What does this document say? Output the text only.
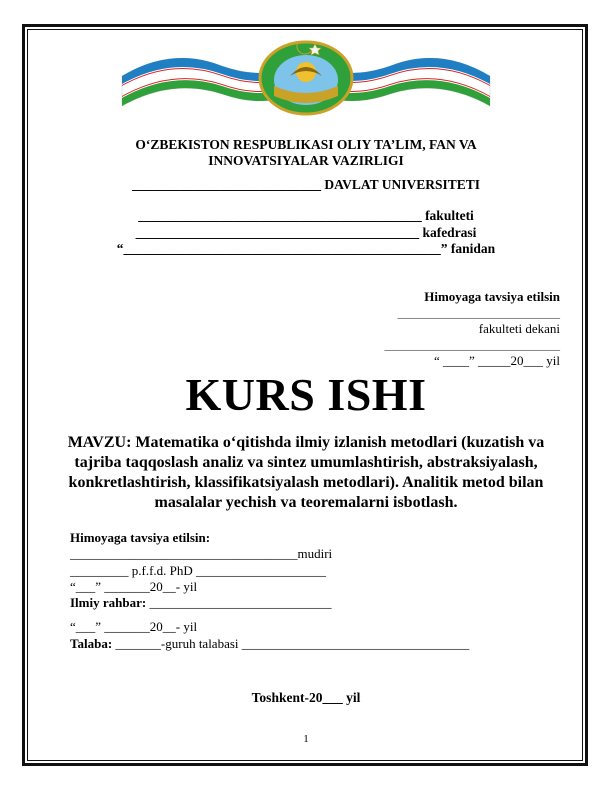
O‘ZBEKISTON RESPUBLIKASI OLIY TA’LIM, FAN VA
INNOVATSIYALAR VAZIRLIGI
____________________________ DAVLAT UNIVERSITETI
__________________________________________ fakulteti
__________________________________________ kafedrasi
“_______________________________________________” fanidan
Himoyaga tavsiya etilsin
_________________________
fakulteti dekani
___________________________
“ ____” _____20___ yil
KURS ISHI
MAVZU: Matematika o‘qitishda ilmiy izlanish metodlari (kuzatish va
tajriba taqqoslash analiz va sintez umumlashtirish, abstraksiyalash,
konkretlashtirish, klassifikatsiyalash metodlari). Analitik metod bilan
masalalar yechish va teoremalarni isbotlash.
Himoyaga tavsiya etilsin:
___________________________________mudiri
_________ p.f.f.d. PhD ____________________
“___” _______20__- yil
Ilmiy rahbar: ____________________________
“___” _______20__- yil
Talaba: _______-guruh talabasi ___________________________________
Toshkent-20___ yil
1
